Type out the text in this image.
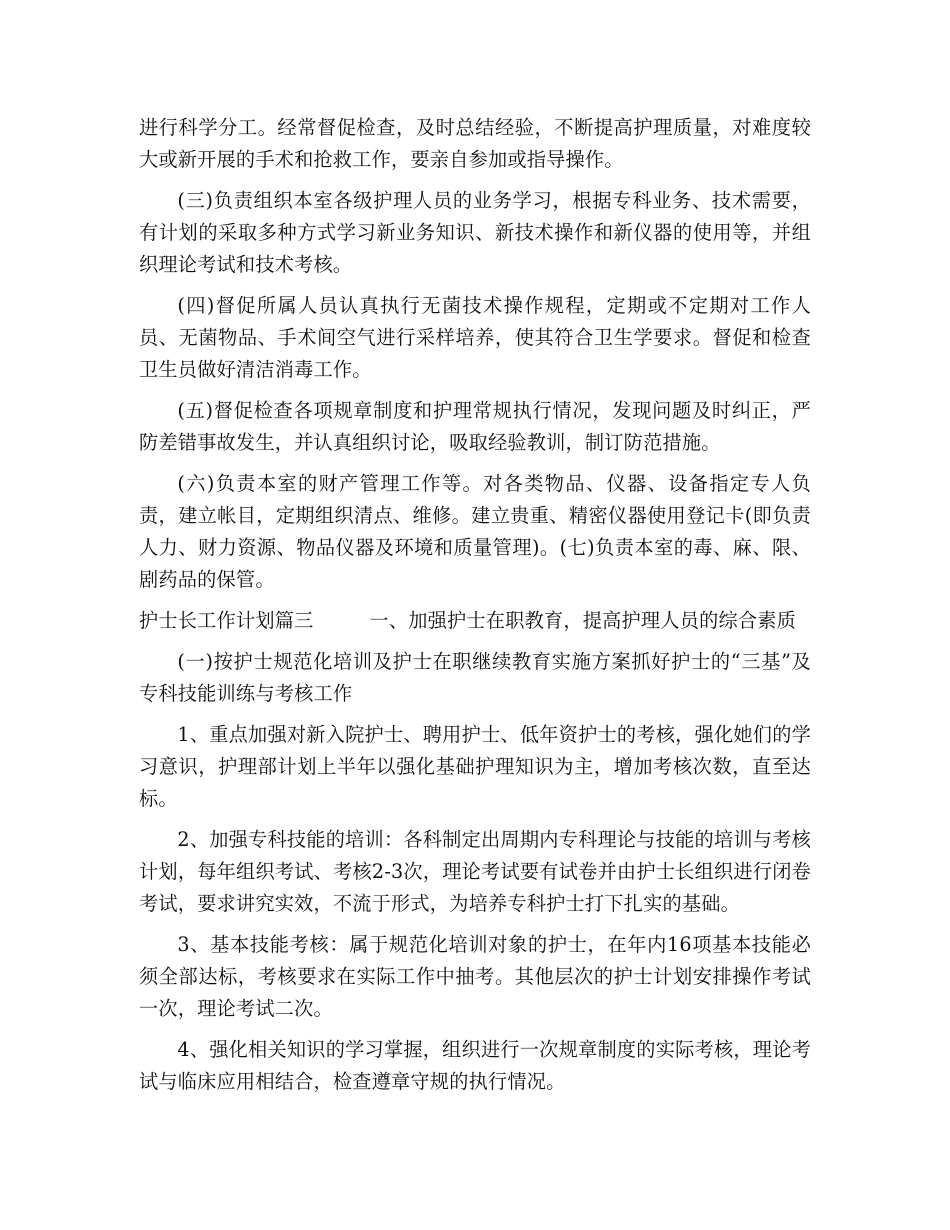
进行科学分工。经常督促检查，及时总结经验，不断提高护理质量，对难度较大或新开展的手术和抢救工作，要亲自参加或指导操作。

(三)负责组织本室各级护理人员的业务学习，根据专科业务、技术需要，有计划的采取多种方式学习新业务知识、新技术操作和新仪器的使用等，并组织理论考试和技术考核。

(四)督促所属人员认真执行无菌技术操作规程，定期或不定期对工作人员、无菌物品、手术间空气进行采样培养，使其符合卫生学要求。督促和检查卫生员做好清洁消毒工作。

(五)督促检查各项规章制度和护理常规执行情况，发现问题及时纠正，严防差错事故发生，并认真组织讨论，吸取经验教训，制订防范措施。

(六)负责本室的财产管理工作等。对各类物品、仪器、设备指定专人负责，建立帐目，定期组织清点、维修。建立贵重、精密仪器使用登记卡(即负责人力、财力资源、物品仪器及环境和质量管理)。(七)负责本室的毒、麻、限、剧药品的保管。

护士长工作计划篇三	一、加强护士在职教育，提高护理人员的综合素质

(一)按护士规范化培训及护士在职继续教育实施方案抓好护士的“三基”及专科技能训练与考核工作

1、重点加强对新入院护士、聘用护士、低年资护士的考核，强化她们的学习意识，护理部计划上半年以强化基础护理知识为主，增加考核次数，直至达标。

2、加强专科技能的培训：各科制定出周期内专科理论与技能的培训与考核计划，每年组织考试、考核2-3次，理论考试要有试卷并由护士长组织进行闭卷考试，要求讲究实效，不流于形式，为培养专科护士打下扎实的基础。

3、基本技能考核：属于规范化培训对象的护士，在年内16项基本技能必须全部达标，考核要求在实际工作中抽考。其他层次的护士计划安排操作考试一次，理论考试二次。

4、强化相关知识的学习掌握，组织进行一次规章制度的实际考核，理论考试与临床应用相结合，检查遵章守规的执行情况。
